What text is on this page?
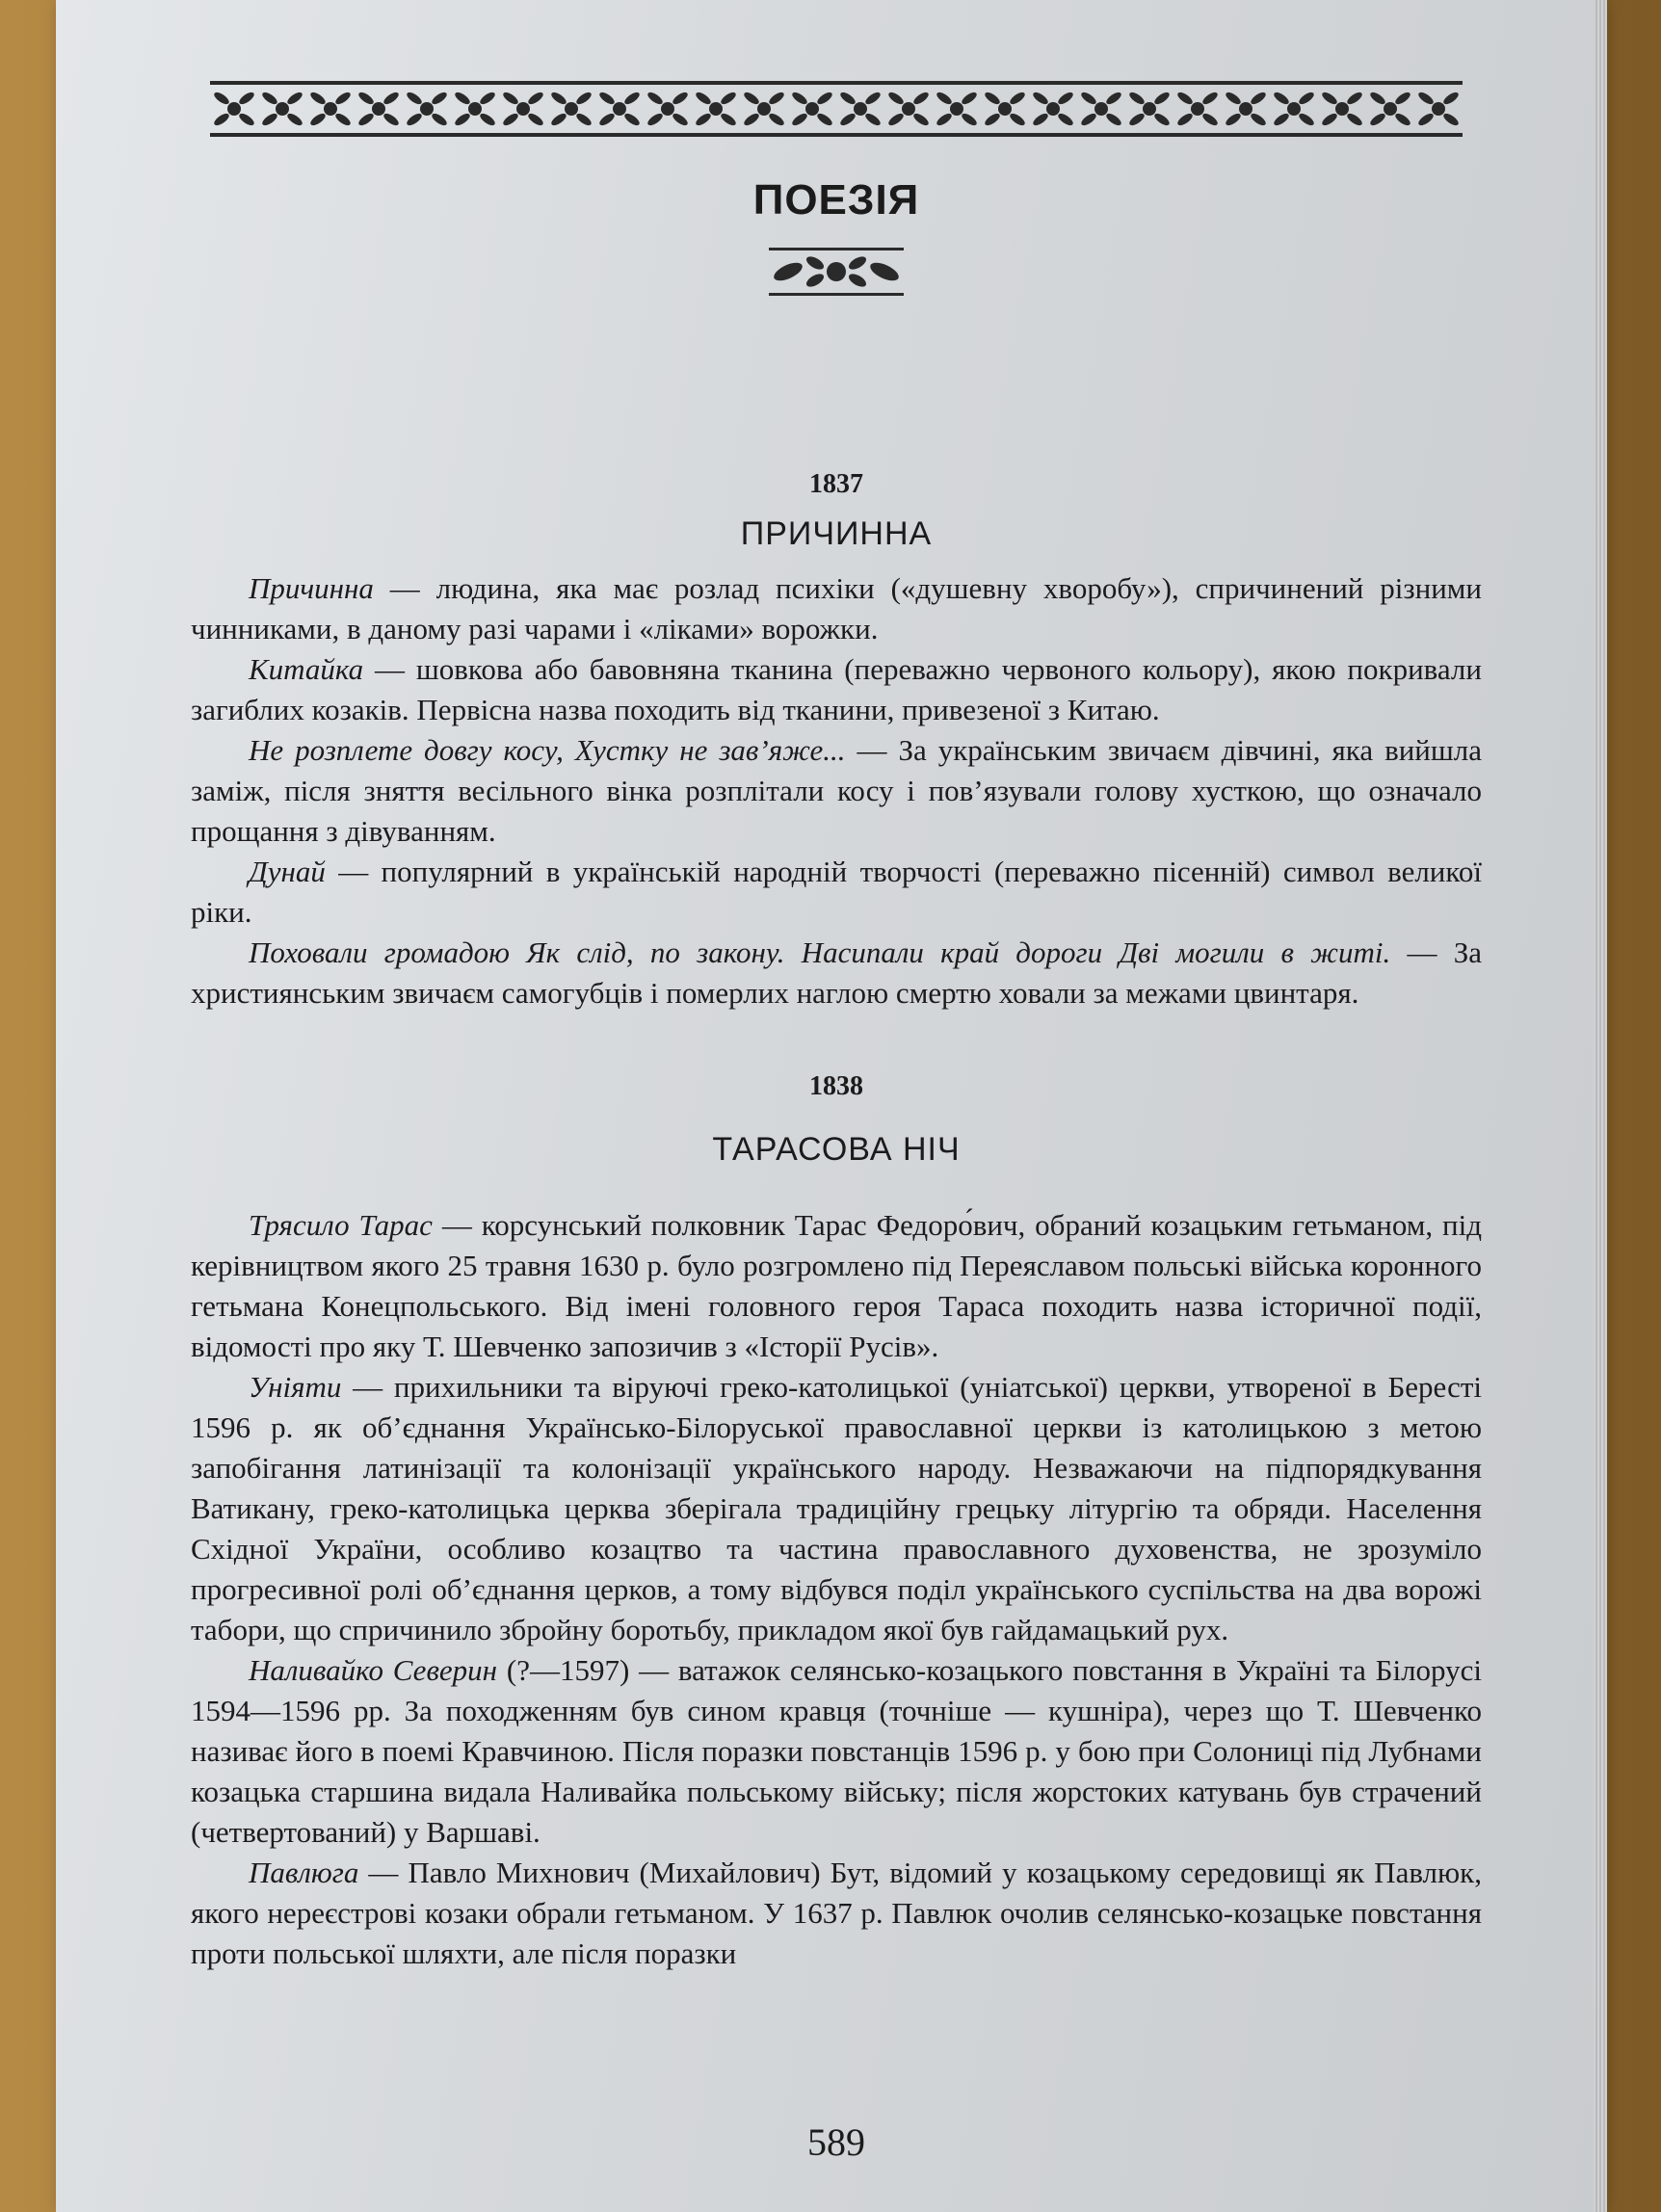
ПОЕЗІЯ
1837
ПРИЧИННА

Причинна — людина, яка має розлад психіки («душевну хворобу»), спричинений різними чинниками, в даному разі чарами і «ліками» ворожки.

Китайка — шовкова або бавовняна тканина (переважно червоного кольору), якою покривали загиблих козаків. Первісна назва походить від тканини, привезеної з Китаю.

Не розплете довгу косу, Хустку не зав’яже... — За українським звичаєм дівчині, яка вийшла заміж, після зняття весільного вінка розплітали косу і пов’язували голову хусткою, що означало прощання з дівуванням.

Дунай — популярний в українській народній творчості (переважно пісенній) символ великої ріки.

Поховали громадою Як слід, по закону. Насипали край дороги Дві могили в житі. — За християнським звичаєм самогубців і померлих наглою смертю ховали за межами цвинтаря.

1838
ТАРАСОВА НІЧ

Трясило Тарас — корсунський полковник Тарас Федоро́вич, обраний козацьким гетьманом, під керівництвом якого 25 травня 1630 р. було розгромлено під Переяславом польські війська коронного гетьмана Конецпольського. Від імені головного героя Тараса походить назва історичної події, відомості про яку Т. Шевченко запозичив з «Історії Русів».

Уніяти — прихильники та віруючі греко-католицької (уніатської) церкви, утвореної в Бересті 1596 р. як об’єднання Українсько-Білоруської православної церкви із католицькою з метою запобігання латинізації та колонізації українського народу. Незважаючи на підпорядкування Ватикану, греко-католицька церква зберігала традиційну грецьку літургію та обряди. Населення Східної України, особливо козацтво та частина православного духовенства, не зрозуміло прогресивної ролі об’єднання церков, а тому відбувся поділ українського суспільства на два ворожі табори, що спричинило збройну боротьбу, прикладом якої був гайдамацький рух.

Наливайко Северин (?—1597) — ватажок селянсько-козацького повстання в Україні та Білорусі 1594—1596 рр. За походженням був сином кравця (точніше — кушніра), через що Т. Шевченко називає його в поемі Кравчиною. Після поразки повстанців 1596 р. у бою при Солониці під Лубнами козацька старшина видала Наливайка польському війську; після жорстоких катувань був страчений (четвертований) у Варшаві.

Павлюга — Павло Михнович (Михайлович) Бут, відомий у козацькому середовищі як Павлюк, якого нереєстрові козаки обрали гетьманом. У 1637 р. Павлюк очолив селянсько-козацьке повстання проти польської шляхти, але після поразки

589
